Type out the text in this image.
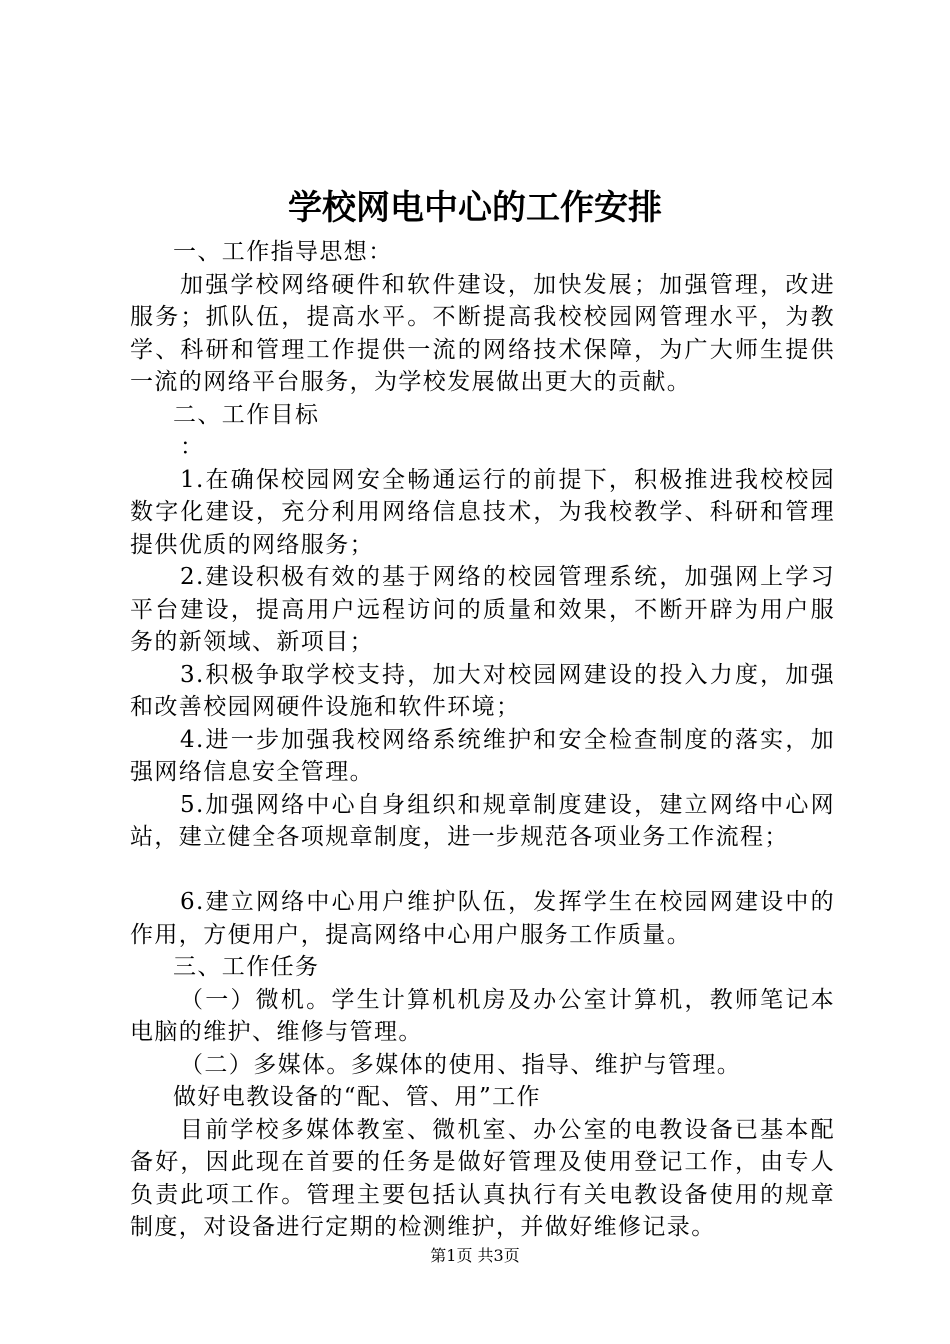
学校网电中心的工作安排

一、工作指导思想：

加强学校网络硬件和软件建设，加快发展；加强管理，改进服务；抓队伍，提高水平。不断提高我校校园网管理水平，为教学、科研和管理工作提供一流的网络技术保障，为广大师生提供一流的网络平台服务，为学校发展做出更大的贡献。

二、工作目标

：

1.在确保校园网安全畅通运行的前提下，积极推进我校校园数字化建设，充分利用网络信息技术，为我校教学、科研和管理提供优质的网络服务；

2.建设积极有效的基于网络的校园管理系统，加强网上学习平台建设，提高用户远程访问的质量和效果，不断开辟为用户服务的新领域、新项目；

3.积极争取学校支持，加大对校园网建设的投入力度，加强和改善校园网硬件设施和软件环境；

4.进一步加强我校网络系统维护和安全检查制度的落实，加强网络信息安全管理。

5.加强网络中心自身组织和规章制度建设，建立网络中心网站，建立健全各项规章制度，进一步规范各项业务工作流程；

6.建立网络中心用户维护队伍，发挥学生在校园网建设中的作用，方便用户，提高网络中心用户服务工作质量。

三、工作任务

（一）微机。学生计算机机房及办公室计算机，教师笔记本电脑的维护、维修与管理。

（二）多媒体。多媒体的使用、指导、维护与管理。

做好电教设备的“配、管、用”工作

目前学校多媒体教室、微机室、办公室的电教设备已基本配备好，因此现在首要的任务是做好管理及使用登记工作，由专人负责此项工作。管理主要包括认真执行有关电教设备使用的规章制度，对设备进行定期的检测维护，并做好维修记录。

第1页 共3页
